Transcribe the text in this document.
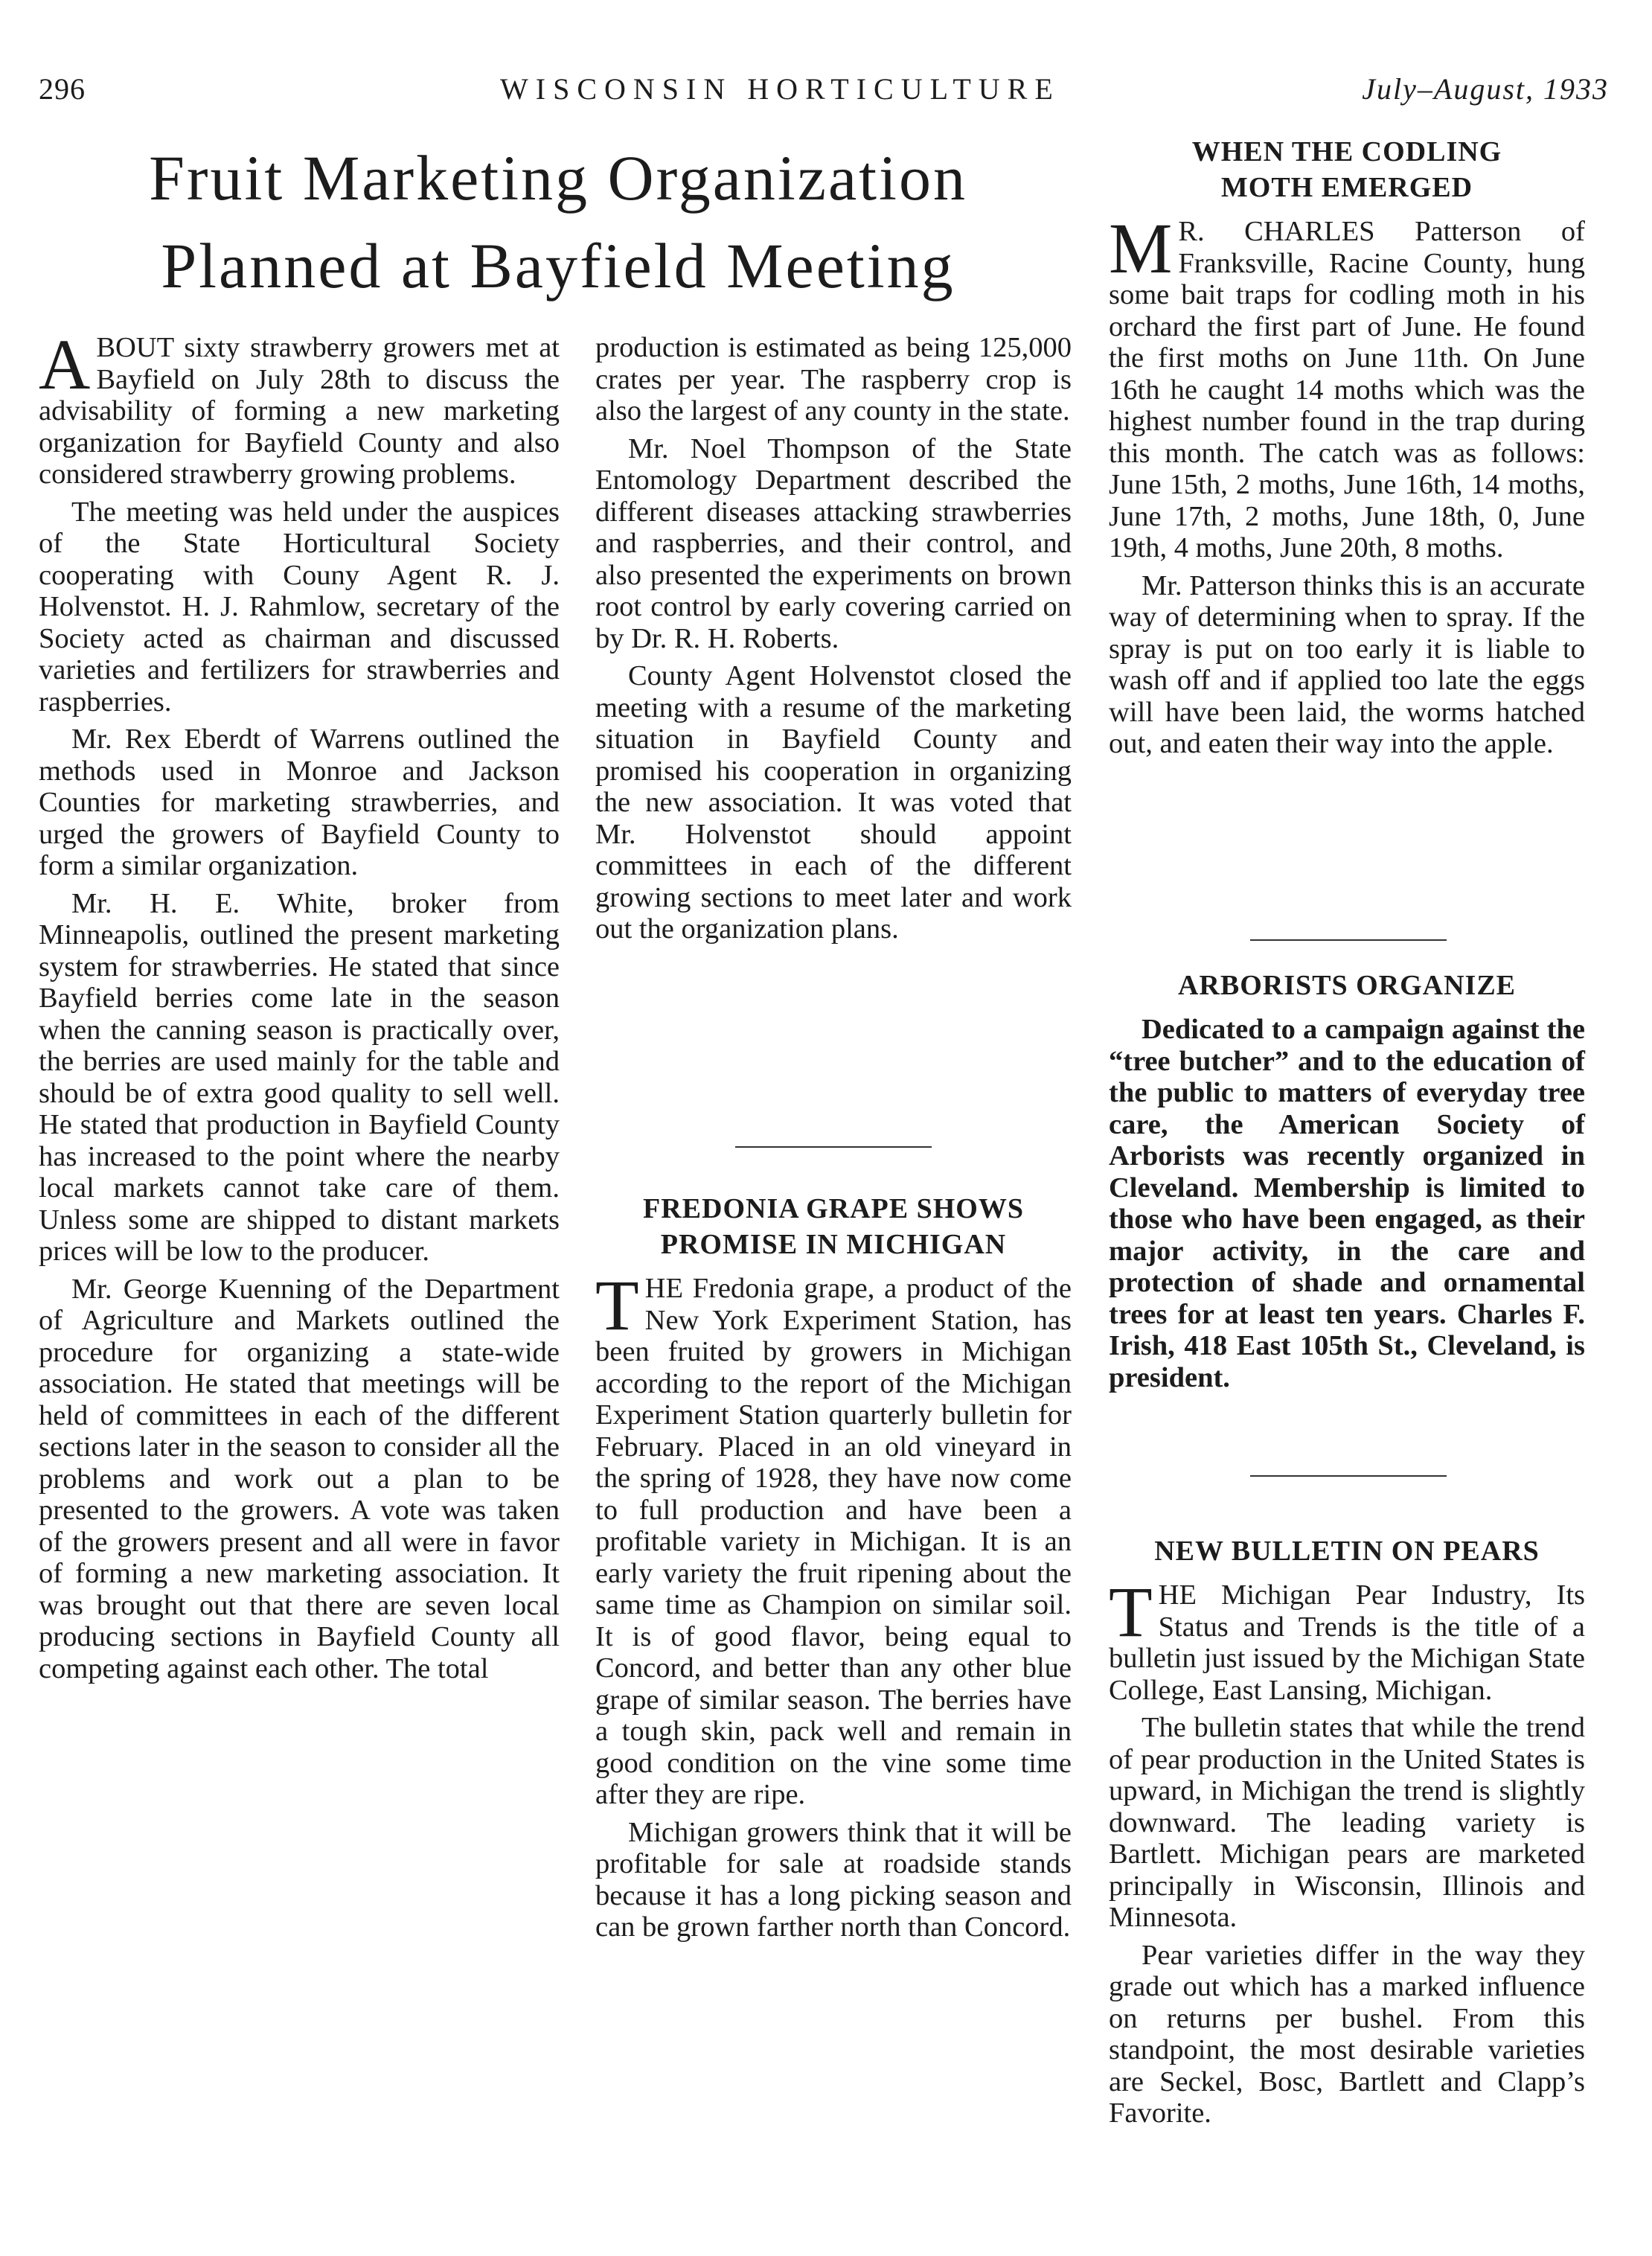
296	WISCONSIN HORTICULTURE	July–August, 1933
Fruit Marketing Organization
Planned at Bayfield Meeting

ABOUT sixty strawberry growers met at Bayfield on July 28th to discuss the advisability of forming a new marketing organization for Bayfield County and also considered strawberry growing problems.

The meeting was held under the auspices of the State Horticultural Society cooperating with Couny Agent R. J. Holvenstot. H. J. Rahmlow, secretary of the Society acted as chairman and discussed varieties and fertilizers for strawberries and raspberries.

Mr. Rex Eberdt of Warrens outlined the methods used in Monroe and Jackson Counties for marketing strawberries, and urged the growers of Bayfield County to form a similar organization.

Mr. H. E. White, broker from Minneapolis, outlined the present marketing system for strawberries. He stated that since Bayfield berries come late in the season when the canning season is practically over, the berries are used mainly for the table and should be of extra good quality to sell well. He stated that production in Bayfield County has increased to the point where the nearby local markets cannot take care of them. Unless some are shipped to distant markets prices will be low to the producer.

Mr. George Kuenning of the Department of Agriculture and Markets outlined the procedure for organizing a state-wide association. He stated that meetings will be held of committees in each of the different sections later in the season to consider all the problems and work out a plan to be presented to the growers. A vote was taken of the growers present and all were in favor of forming a new marketing association. It was brought out that there are seven local producing sections in Bayfield County all competing against each other. The total

production is estimated as being 125,000 crates per year. The raspberry crop is also the largest of any county in the state.

Mr. Noel Thompson of the State Entomology Department described the different diseases attacking strawberries and raspberries, and their control, and also presented the experiments on brown root control by early covering carried on by Dr. R. H. Roberts.

County Agent Holvenstot closed the meeting with a resume of the marketing situation in Bayfield County and promised his cooperation in organizing the new association. It was voted that Mr. Holvenstot should appoint committees in each of the different growing sections to meet later and work out the organization plans.

FREDONIA GRAPE SHOWS
PROMISE IN MICHIGAN

THE Fredonia grape, a product of the New York Experiment Station, has been fruited by growers in Michigan according to the report of the Michigan Experiment Station quarterly bulletin for February. Placed in an old vineyard in the spring of 1928, they have now come to full production and have been a profitable variety in Michigan. It is an early variety the fruit ripening about the same time as Champion on similar soil. It is of good flavor, being equal to Concord, and better than any other blue grape of similar season. The berries have a tough skin, pack well and remain in good condition on the vine some time after they are ripe.

Michigan growers think that it will be profitable for sale at roadside stands because it has a long picking season and can be grown farther north than Concord.

WHEN THE CODLING
MOTH EMERGED

M R. CHARLES Patterson of Franksville, Racine County, hung some bait traps for codling moth in his orchard the first part of June. He found the first moths on June 11th. On June 16th he caught 14 moths which was the highest number found in the trap during this month. The catch was as follows: June 15th, 2 moths, June 16th, 14 moths, June 17th, 2 moths, June 18th, 0, June 19th, 4 moths, June 20th, 8 moths.

Mr. Patterson thinks this is an accurate way of determining when to spray. If the spray is put on too early it is liable to wash off and if applied too late the eggs will have been laid, the worms hatched out, and eaten their way into the apple.

ARBORISTS ORGANIZE

Dedicated to a campaign against the “tree butcher” and to the education of the public to matters of everyday tree care, the American Society of Arborists was recently organized in Cleveland. Membership is limited to those who have been engaged, as their major activity, in the care and protection of shade and ornamental trees for at least ten years. Charles F. Irish, 418 East 105th St., Cleveland, is president.

NEW BULLETIN ON PEARS

THE Michigan Pear Industry, Its Status and Trends is the title of a bulletin just issued by the Michigan State College, East Lansing, Michigan.

The bulletin states that while the trend of pear production in the United States is upward, in Michigan the trend is slightly downward. The leading variety is Bartlett. Michigan pears are marketed principally in Wisconsin, Illinois and Minnesota.

Pear varieties differ in the way they grade out which has a marked influence on returns per bushel. From this standpoint, the most desirable varieties are Seckel, Bosc, Bartlett and Clapp’s Favorite.
